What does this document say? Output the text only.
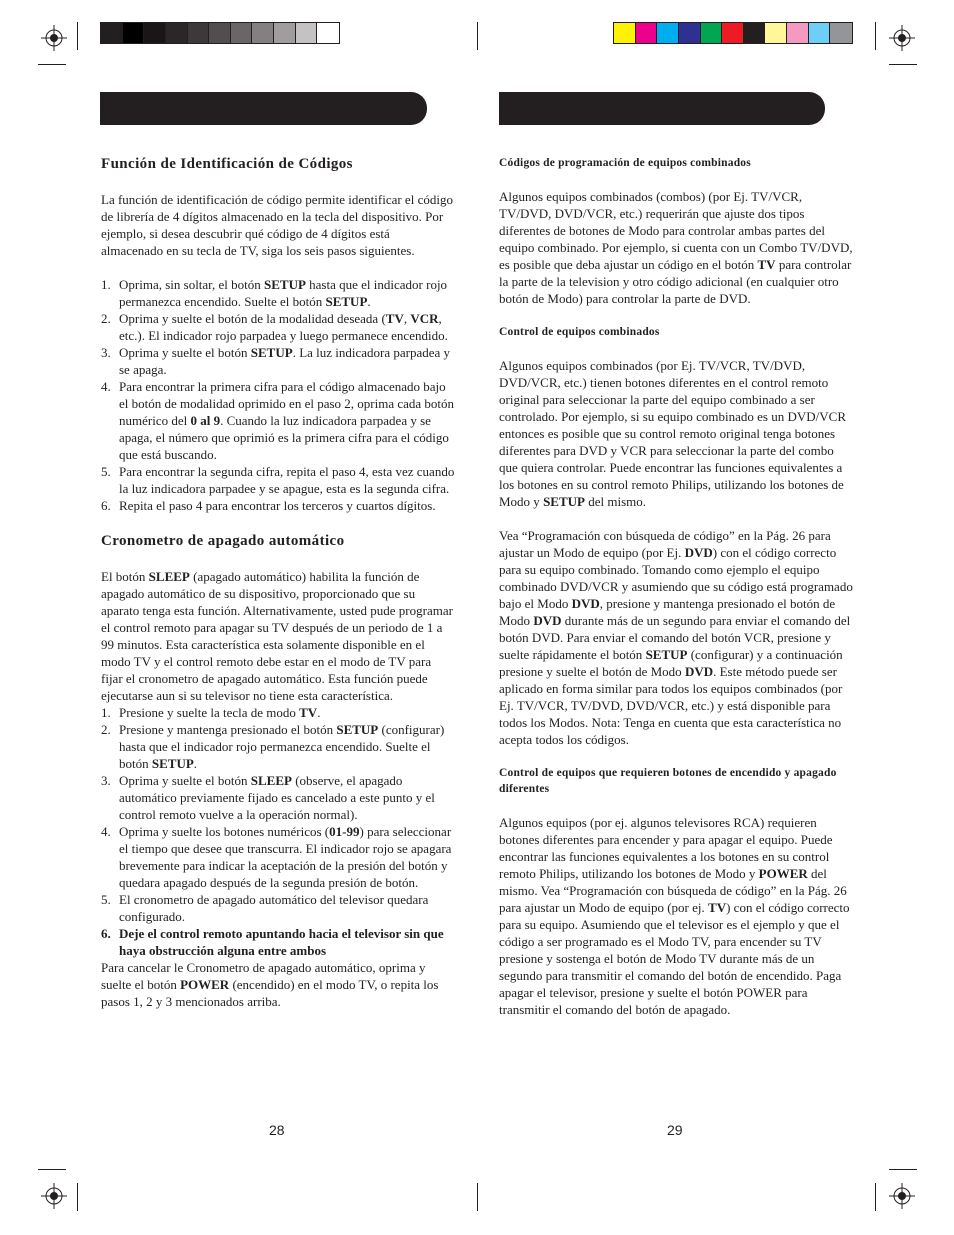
Función de Identificación de Códigos

La función de identificación de código permite identificar el código de librería de 4 dígitos almacenado en la tecla del dispositivo. Por ejemplo, si desea descubrir qué código de 4 dígitos está almacenado en su tecla de TV, siga los seis pasos siguientes.

1. Oprima, sin soltar, el botón SETUP hasta que el indicador rojo permanezca encendido. Suelte el botón SETUP.
2. Oprima y suelte el botón de la modalidad deseada (TV, VCR, etc.). El indicador rojo parpadea y luego permanece encendido.
3. Oprima y suelte el botón SETUP. La luz indicadora parpadea y se apaga.
4. Para encontrar la primera cifra para el código almacenado bajo el botón de modalidad oprimido en el paso 2, oprima cada botón numérico del 0 al 9. Cuando la luz indicadora parpadea y se apaga, el número que oprimió es la primera cifra para el código que está buscando.
5. Para encontrar la segunda cifra, repita el paso 4, esta vez cuando la luz indicadora parpadee y se apague, esta es la segunda cifra.
6. Repita el paso 4 para encontrar los terceros y cuartos dígitos.
Cronometro de apagado automático

El botón SLEEP (apagado automático) habilita la función de apagado automático de su dispositivo, proporcionado que su aparato tenga esta función. Alternativamente, usted pude programar el control remoto para apagar su TV después de un periodo de 1 a 99 minutos. Esta característica esta solamente disponible en el modo TV y el control remoto debe estar en el modo de TV para fijar el cronometro de apagado automático. Esta función puede ejecutarse aun si su televisor no tiene esta característica.

1. Presione y suelte la tecla de modo TV.
2. Presione y mantenga presionado el botón SETUP (configurar) hasta que el indicador rojo permanezca encendido. Suelte el botón SETUP.
3. Oprima y suelte el botón SLEEP (observe, el apagado automático previamente fijado es cancelado a este punto y el control remoto vuelve a la operación normal).
4. Oprima y suelte los botones numéricos (01-99) para seleccionar el tiempo que desee que transcurra. El indicador rojo se apagara brevemente para indicar la aceptación de la presión del botón y quedara apagado después de la segunda presión de botón.
5. El cronometro de apagado automático del televisor quedara configurado.
6. Deje el control remoto apuntando hacia el televisor sin que haya obstrucción alguna entre ambos

Para cancelar le Cronometro de apagado automático, oprima y suelte el botón POWER (encendido) en el modo TV, o repita los pasos 1, 2 y 3 mencionados arriba.

28
Códigos de programación de equipos combinados

Algunos equipos combinados (combos) (por Ej. TV/VCR, TV/DVD, DVD/VCR, etc.) requerirán que ajuste dos tipos diferentes de botones de Modo para controlar ambas partes del equipo combinado. Por ejemplo, si cuenta con un Combo TV/DVD, es posible que deba ajustar un código en el botón TV para controlar la parte de la television y otro código adicional (en cualquier otro botón de Modo) para controlar la parte de DVD.

Control de equipos combinados

Algunos equipos combinados (por Ej. TV/VCR, TV/DVD, DVD/VCR, etc.) tienen botones diferentes en el control remoto original para seleccionar la parte del equipo combinado a ser controlado. Por ejemplo, si su equipo combinado es un DVD/VCR entonces es posible que su control remoto original tenga botones diferentes para DVD y VCR para seleccionar la parte del combo que quiera controlar. Puede encontrar las funciones equivalentes a los botones en su control remoto Philips, utilizando los botones de Modo y SETUP del mismo.

Vea “Programación con búsqueda de código” en la Pág. 26 para ajustar un Modo de equipo (por Ej. DVD) con el código correcto para su equipo combinado. Tomando como ejemplo el equipo combinado DVD/VCR y asumiendo que su código está programado bajo el Modo DVD, presione y mantenga presionado el botón de Modo DVD durante más de un segundo para enviar el comando del botón DVD. Para enviar el comando del botón VCR, presione y suelte rápidamente el botón SETUP (configurar) y a continuación presione y suelte el botón de Modo DVD. Este método puede ser aplicado en forma similar para todos los equipos combinados (por Ej. TV/VCR, TV/DVD, DVD/VCR, etc.) y está disponible para todos los Modos. Nota: Tenga en cuenta que esta característica no acepta todos los códigos.

Control de equipos que requieren botones de encendido y apagado diferentes

Algunos equipos (por ej. algunos televisores RCA) requieren botones diferentes para encender y para apagar el equipo. Puede encontrar las funciones equivalentes a los botones en su control remoto Philips, utilizando los botones de Modo y POWER del mismo. Vea “Programación con búsqueda de código” en la Pág. 26 para ajustar un Modo de equipo (por ej. TV) con el código correcto para su equipo. Asumiendo que el televisor es el ejemplo y que el código a ser programado es el Modo TV, para encender su TV presione y sostenga el botón de Modo TV durante más de un segundo para transmitir el comando del botón de encendido. Paga apagar el televisor, presione y suelte el botón POWER para transmitir el comando del botón de apagado.

29
